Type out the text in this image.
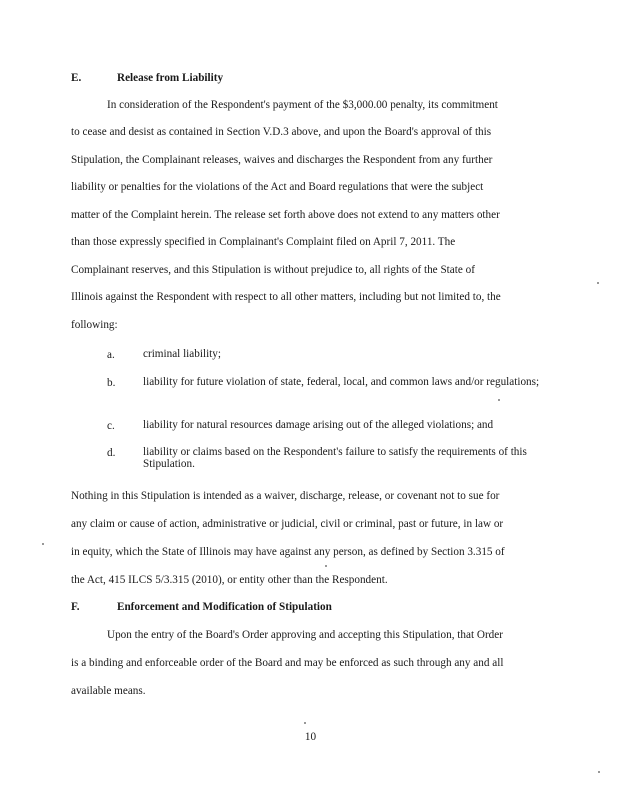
E.	Release from Liability
In consideration of the Respondent's payment of the $3,000.00 penalty, its commitment
to cease and desist as contained in Section V.D.3 above, and upon the Board's approval of this
Stipulation, the Complainant releases, waives and discharges the Respondent from any further
liability or penalties for the violations of the Act and Board regulations that were the subject
matter of the Complaint herein. The release set forth above does not extend to any matters other
than those expressly specified in Complainant's Complaint filed on April 7, 2011. The
Complainant reserves, and this Stipulation is without prejudice to, all rights of the State of
Illinois against the Respondent with respect to all other matters, including but not limited to, the
following:
a.	criminal liability;
b. liability for future violation of state, federal, local, and common laws and/or regulations;
c.	liability for natural resources damage arising out of the alleged violations; and
d. liability or claims based on the Respondent's failure to satisfy the requirements of this Stipulation.
Nothing in this Stipulation is intended as a waiver, discharge, release, or covenant not to sue for
any claim or cause of action, administrative or judicial, civil or criminal, past or future, in law or
in equity, which the State of Illinois may have against any person, as defined by Section 3.315 of
the Act, 415 ILCS 5/3.315 (2010), or entity other than the Respondent.
F.	Enforcement and Modification of Stipulation
Upon the entry of the Board's Order approving and accepting this Stipulation, that Order
is a binding and enforceable order of the Board and may be enforced as such through any and all
available means.
10
